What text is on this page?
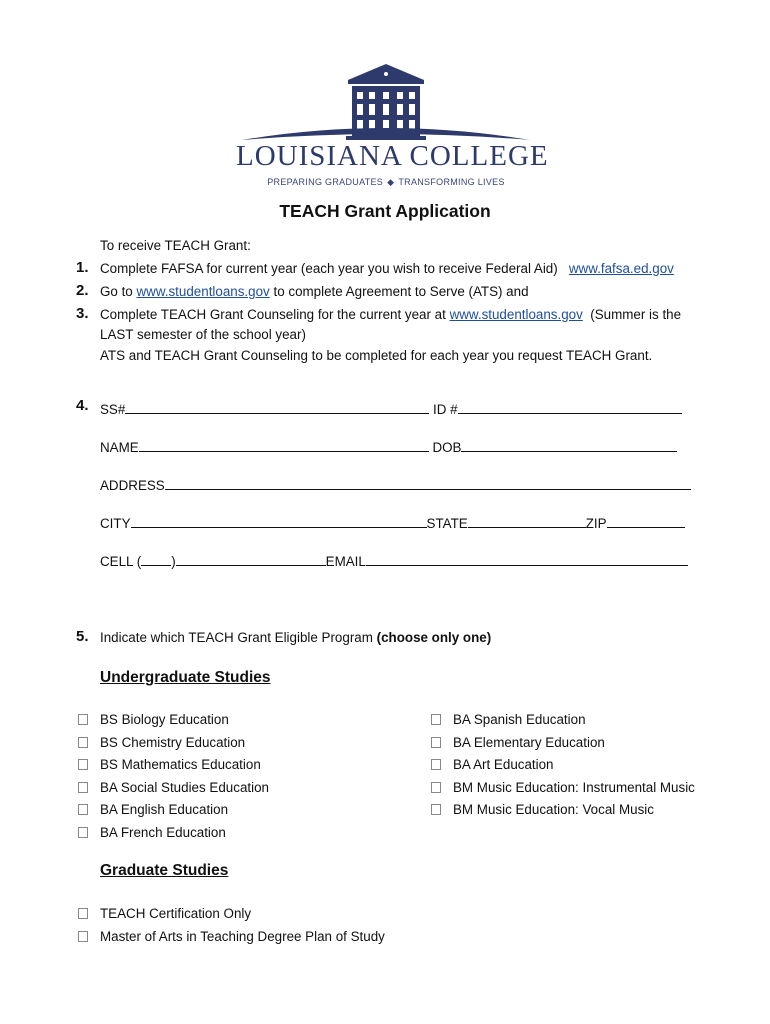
LOUISIANA COLLEGE
PREPARING GRADUATES ◆ TRANSFORMING LIVES
TEACH Grant Application
To receive TEACH Grant:
1. Complete FAFSA for current year (each year you wish to receive Federal Aid) www.fafsa.ed.gov
2. Go to www.studentloans.gov to complete Agreement to Serve (ATS) and
3. Complete TEACH Grant Counseling for the current year at www.studentloans.gov (Summer is the
LAST semester of the school year)
ATS and TEACH Grant Counseling to be completed for each year you request TEACH Grant.
4. SS#	ID #
NAME	DOB
ADDRESS
CITY	STATE	ZIP
CELL ( )	EMAIL
5. Indicate which TEACH Grant Eligible Program (choose only one)
Undergraduate Studies
BS Biology Education
BS Chemistry Education
BS Mathematics Education
BA Social Studies Education
BA English Education
BA French Education
BA Spanish Education
BA Elementary Education
BA Art Education
BM Music Education: Instrumental Music
BM Music Education: Vocal Music
Graduate Studies
TEACH Certification Only
Master of Arts in Teaching Degree Plan of Study
